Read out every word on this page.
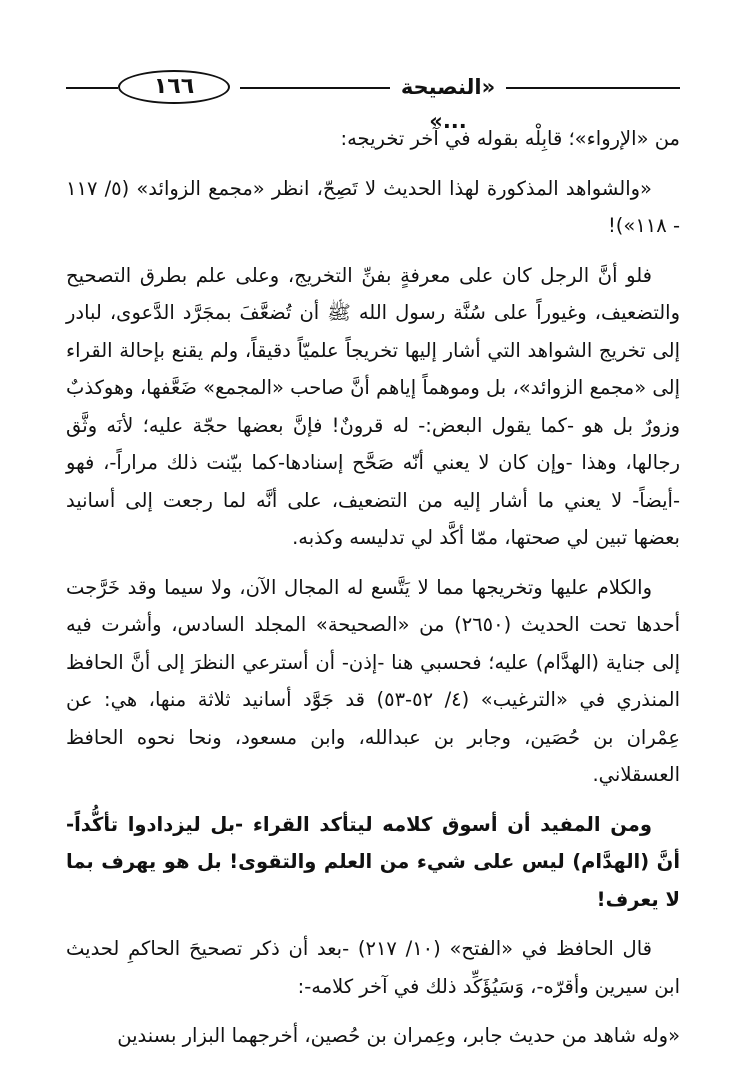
١٦٦	«النصيحة ...»

من «الإرواء»؛ قابِلْه بقوله في آخر تخريجه:

«والشواهد المذكورة لهذا الحديث لا تَصِحّ، انظر «مجمع الزوائد» (٥/ ١١٧ - ١١٨»)!

فلو أنَّ الرجل كان على معرفةٍ بفنِّ التخريج، وعلى علم بطرق التصحيح والتضعيف، وغيوراً على سُنَّة رسول الله ﷺ أن تُضعَّفَ بمجَرَّد الدَّعوى، لبادر إلى تخريج الشواهد التي أشار إليها تخريجاً علميّاً دقيقاً، ولم يقنع بإحالة القراء إلى «مجمع الزوائد»، بل وموهماً إياهم أنَّ صاحب «المجمع» ضَعَّفها، وهوكذبٌ وزورٌ بل هو -كما يقول البعض:- له قرونٌ! فإنَّ بعضها حجّة عليه؛ لأنَه وثَّق رجالها، وهذا -وإن كان لا يعني أنّه صَحَّح إسنادها-كما بيّنت ذلك مراراً-، فهو -أيضاً- لا يعني ما أشار إليه من التضعيف، على أنَّه لما رجعت إلى أسانيد بعضها تبين لي صحتها، ممّا أكَّد لي تدليسه وكذبه.

والكلام عليها وتخريجها مما لا يَتَّسع له المجال الآن، ولا سيما وقد خَرَّجت أحدها تحت الحديث (٢٦٥٠) من «الصحيحة» المجلد السادس، وأشرت فيه إلى جناية (الهدَّام) عليه؛ فحسبي هنا -إذن- أن أسترعي النظرَ إلى أنَّ الحافظ المنذري في «الترغيب» (٤/ ٥٢-٥٣) قد جَوَّد أسانيد ثلاثة منها، هي: عن عِمْران بن حُصَين، وجابر بن عبدالله، وابن مسعود، ونحا نحوه الحافظ العسقلاني.

ومن المفيد أن أسوق كلامه ليتأكد القراء -بل ليزدادوا تأكُّداً- أنَّ (الهدَّام) ليس على شيء من العلم والتقوى! بل هو يهرف بما لا يعرف!

قال الحافظ في «الفتح» (١٠/ ٢١٧) -بعد أن ذكر تصحيحَ الحاكمِ لحديث ابن سيرين وأقرّه-، وَسَيُؤَكِّد ذلك في آخر كلامه-:

«وله شاهد من حديث جابر، وعِمران بن حُصين، أخرجهما البزار بسندين
